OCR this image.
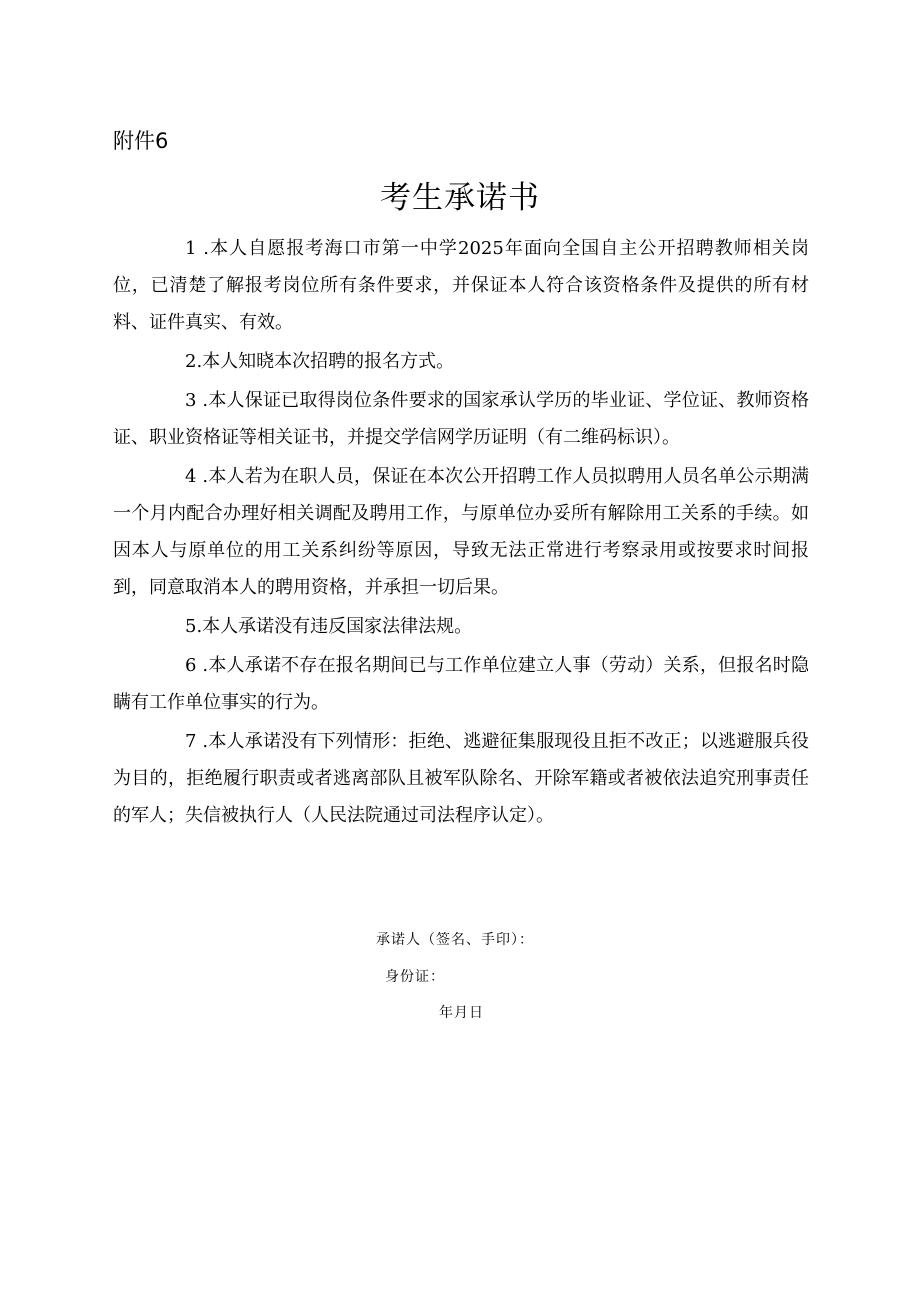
附件6
考生承诺书

1 .本人自愿报考海口市第一中学2025年面向全国自主公开招聘教师相关岗位，已清楚了解报考岗位所有条件要求，并保证本人符合该资格条件及提供的所有材料、证件真实、有效。

2.本人知晓本次招聘的报名方式。

3 .本人保证已取得岗位条件要求的国家承认学历的毕业证、学位证、教师资格证、职业资格证等相关证书，并提交学信网学历证明（有二维码标识）。

4 .本人若为在职人员，保证在本次公开招聘工作人员拟聘用人员名单公示期满一个月内配合办理好相关调配及聘用工作，与原单位办妥所有解除用工关系的手续。如因本人与原单位的用工关系纠纷等原因，导致无法正常进行考察录用或按要求时间报到，同意取消本人的聘用资格，并承担一切后果。

5.本人承诺没有违反国家法律法规。

6 .本人承诺不存在报名期间已与工作单位建立人事（劳动）关系，但报名时隐瞒有工作单位事实的行为。

7 .本人承诺没有下列情形：拒绝、逃避征集服现役且拒不改正；以逃避服兵役为目的，拒绝履行职责或者逃离部队且被军队除名、开除军籍或者被依法追究刑事责任的军人；失信被执行人（人民法院通过司法程序认定）。

承诺人（签名、手印）：
身份证：
年月日
